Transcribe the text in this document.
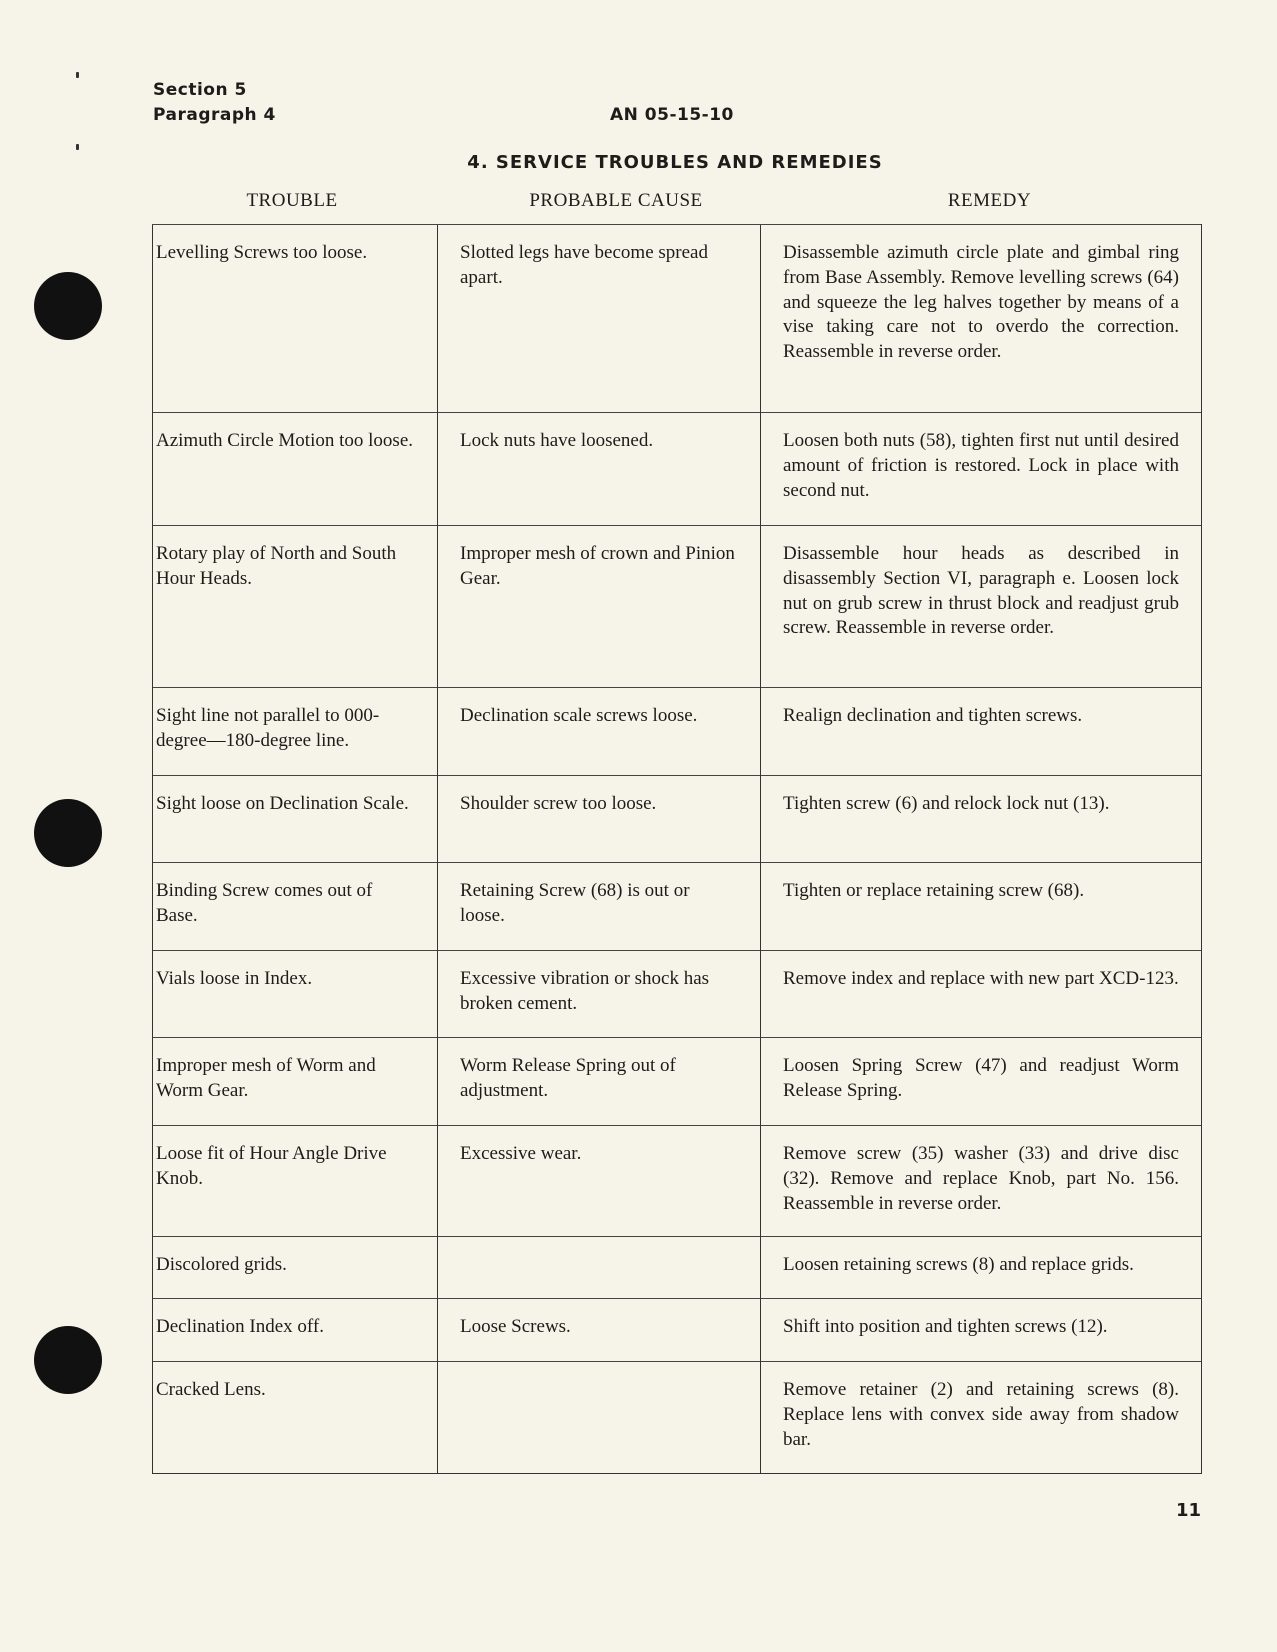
Section 5
Paragraph 4	AN 05-15-10
4. SERVICE TROUBLES AND REMEDIES
TROUBLE	PROBABLE CAUSE	REMEDY
Levelling Screws too loose.	Slotted legs have become spread apart.	Disassemble azimuth circle plate and gimbal ring from Base Assembly. Remove levelling screws (64) and squeeze the leg halves together by means of a vise taking care not to overdo the correction. Reassemble in reverse order.
Azimuth Circle Motion too loose.	Lock nuts have loosened.	Loosen both nuts (58), tighten first nut until desired amount of friction is restored. Lock in place with second nut.
Rotary play of North and South Hour Heads.	Improper mesh of crown and Pinion Gear.	Disassemble hour heads as described in disassembly Section VI, paragraph e. Loosen lock nut on grub screw in thrust block and readjust grub screw. Reassemble in reverse order.
Sight line not parallel to 000-degree—180-degree line.	Declination scale screws loose.	Realign declination and tighten screws.
Sight loose on Declination Scale.	Shoulder screw too loose.	Tighten screw (6) and relock lock nut (13).
Binding Screw comes out of Base.	Retaining Screw (68) is out or loose.	Tighten or replace retaining screw (68).
Vials loose in Index.	Excessive vibration or shock has broken cement.	Remove index and replace with new part XCD-123.
Improper mesh of Worm and Worm Gear.	Worm Release Spring out of adjustment.	Loosen Spring Screw (47) and readjust Worm Release Spring.
Loose fit of Hour Angle Drive Knob.	Excessive wear.	Remove screw (35) washer (33) and drive disc (32). Remove and replace Knob, part No. 156. Reassemble in reverse order.
Discolored grids.		Loosen retaining screws (8) and replace grids.
Declination Index off.	Loose Screws.	Shift into position and tighten screws (12).
Cracked Lens.		Remove retainer (2) and retaining screws (8). Replace lens with convex side away from shadow bar.
11
